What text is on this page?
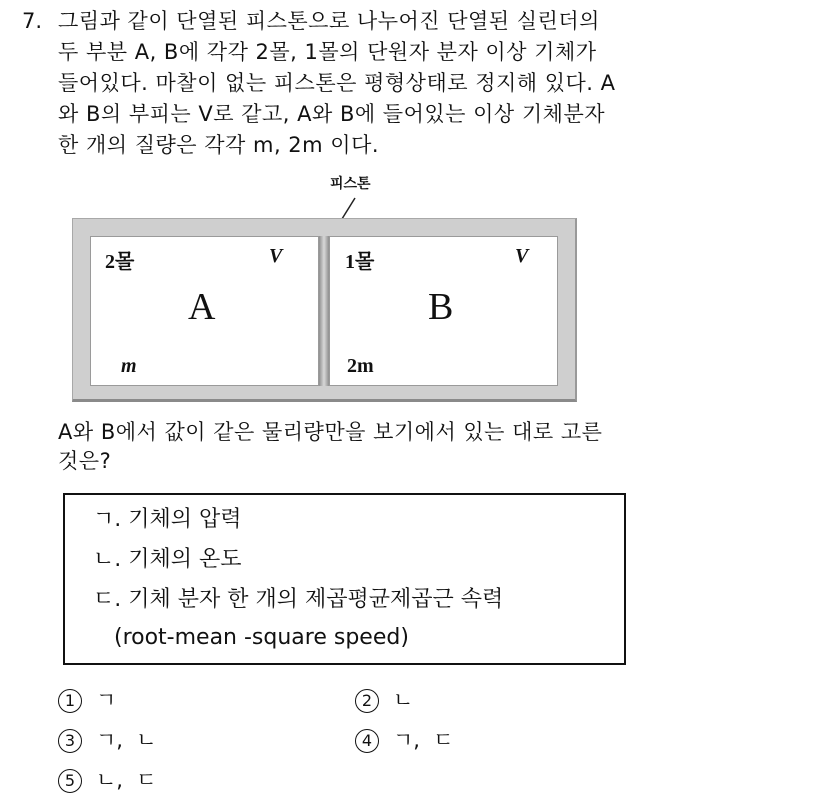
7. 그림과 같이 단열된 피스톤으로 나누어진 단열된 실린더의
두 부분 A, B에 각각 2몰, 1몰의 단원자 분자 이상 기체가
들어있다. 마찰이 없는 피스톤은 평형상태로 정지해 있다. A
와 B의 부피는 V로 같고, A와 B에 들어있는 이상 기체분자
한 개의 질량은 각각 m, 2m 이다.
피스톤
2몰	V
A
m
1몰	V
B
2m
A와 B에서 값이 같은 물리량만을 보기에서 있는 대로 고른
것은?
ㄱ. 기체의 압력
ㄴ. 기체의 온도
ㄷ. 기체 분자 한 개의 제곱평균제곱근 속력
(root-mean -square speed)
1 ㄱ	2 ㄴ
3 ㄱ,  ㄴ	4 ㄱ,  ㄷ
5 ㄴ,  ㄷ
